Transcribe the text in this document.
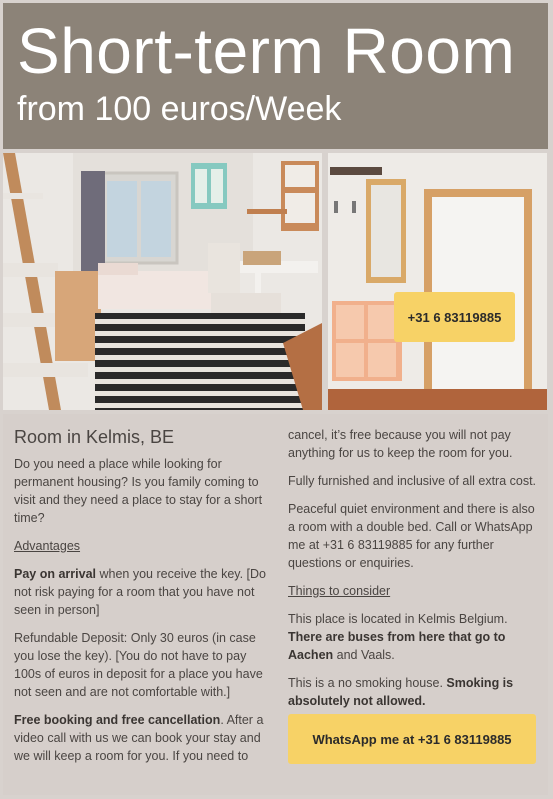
Short-term Room
from 100 euros/Week
+31 6 83119885
Room in Kelmis, BE

Do you need a place while looking for permanent housing? Is you family coming to visit and they need a place to stay for a short time?

Advantages

Pay on arrival when you receive the key. [Do not risk paying for a room that you have not seen in person]

Refundable Deposit: Only 30 euros (in case you lose the key). [You do not have to pay 100s of euros in deposit for a place you have not seen and are not comfortable with.]

Free booking and free cancellation. After a video call with us we can book your stay and we will keep a room for you. If you need to

cancel, it’s free because you will not pay anything for us to keep the room for you.

Fully furnished and inclusive of all extra cost.

Peaceful quiet environment and there is also a room with a double bed. Call or WhatsApp me at +31 6 83119885 for any further questions or enquiries.

Things to consider

This place is located in Kelmis Belgium. There are buses from here that go to Aachen and Vaals.

This is a no smoking house. Smoking is absolutely not allowed.

WhatsApp me at +31 6 83119885
